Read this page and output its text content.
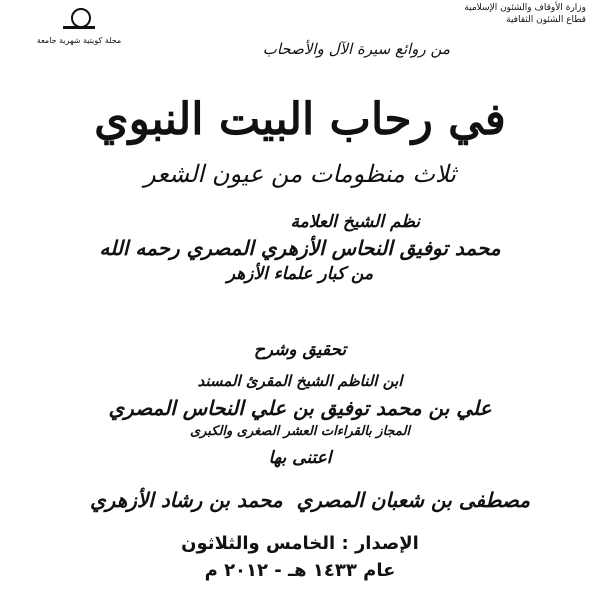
وزارة الأوقاف والشئون الإسلامية
قطاع الشئون الثقافية
مجلة كويتية شهرية جامعة	من روائع سيرة الآل والأصحاب
في رحاب البيت النبوي
ثلاث منظومات من عيون الشعر
نظم الشيخ العلامة
محمد توفيق النحاس الأزهري المصري رحمه الله
من كبار علماء الأزهر
تحقيق وشرح
ابن الناظم الشيخ المقرئ المسند
علي بن محمد توفيق بن علي النحاس المصري
المجاز بالقراءات العشر الصغرى والكبرى
اعتنى بها
مصطفى بن شعبان المصري
محمد بن رشاد الأزهري
الإصدار : الخامس والثلاثون
عام ١٤٣٣ هـ - ٢٠١٢ م
